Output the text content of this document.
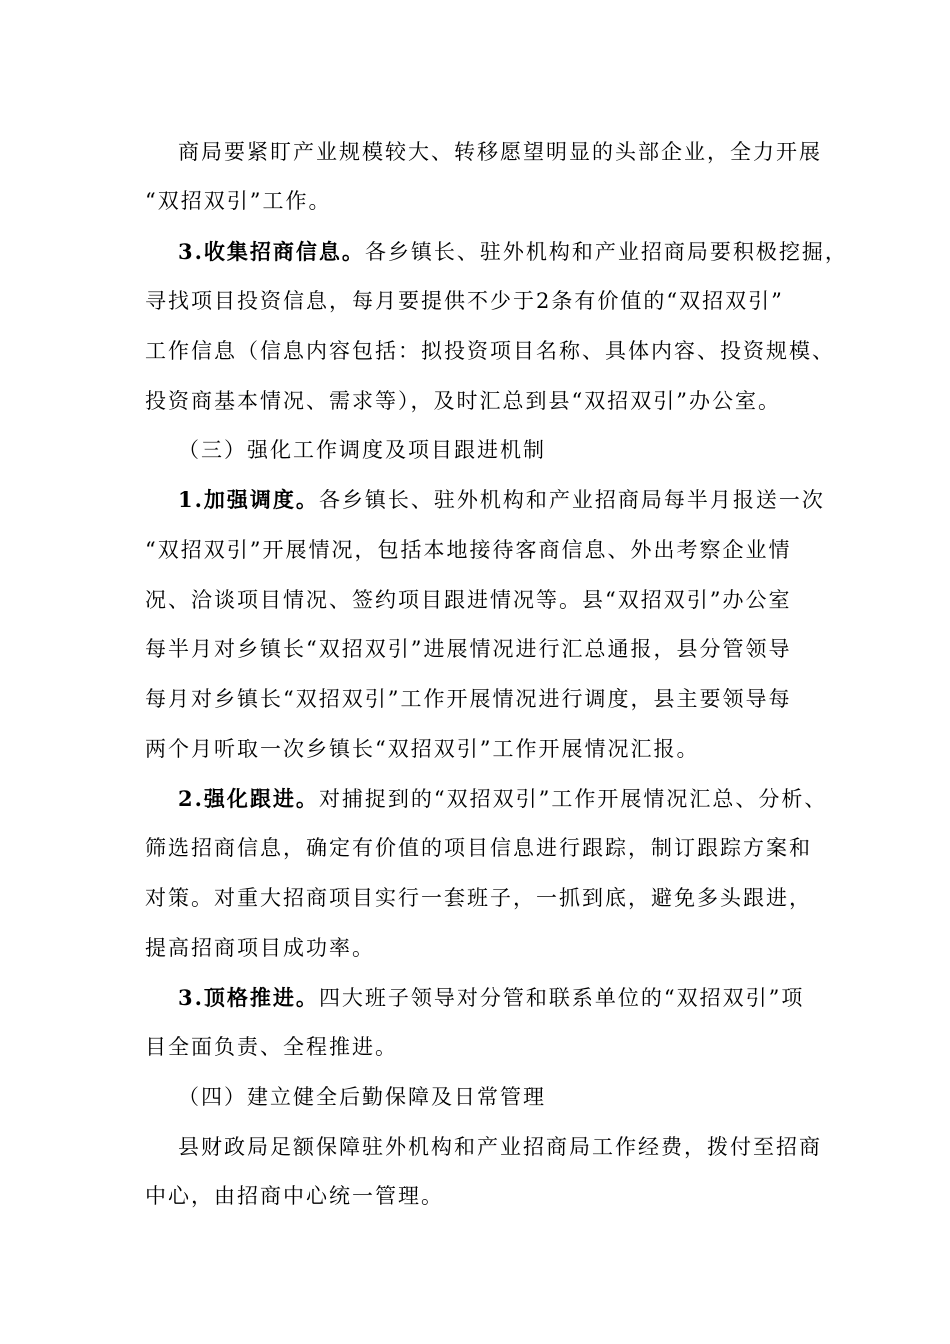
商局要紧盯产业规模较大、转移愿望明显的头部企业，全力开展
“双招双引”工作。
3.收集招商信息。各乡镇长、驻外机构和产业招商局要积极挖掘，
寻找项目投资信息，每月要提供不少于2条有价值的“双招双引”
工作信息（信息内容包括：拟投资项目名称、具体内容、投资规模、
投资商基本情况、需求等），及时汇总到县“双招双引”办公室。
（三）强化工作调度及项目跟进机制
1.加强调度。各乡镇长、驻外机构和产业招商局每半月报送一次
“双招双引”开展情况，包括本地接待客商信息、外出考察企业情
况、洽谈项目情况、签约项目跟进情况等。县“双招双引”办公室
每半月对乡镇长“双招双引”进展情况进行汇总通报，县分管领导
每月对乡镇长“双招双引”工作开展情况进行调度，县主要领导每
两个月听取一次乡镇长“双招双引”工作开展情况汇报。
2.强化跟进。对捕捉到的“双招双引”工作开展情况汇总、分析、
筛选招商信息，确定有价值的项目信息进行跟踪，制订跟踪方案和
对策。对重大招商项目实行一套班子，一抓到底，避免多头跟进，
提高招商项目成功率。
3.顶格推进。四大班子领导对分管和联系单位的“双招双引”项
目全面负责、全程推进。
（四）建立健全后勤保障及日常管理
县财政局足额保障驻外机构和产业招商局工作经费，拨付至招商
中心，由招商中心统一管理。
